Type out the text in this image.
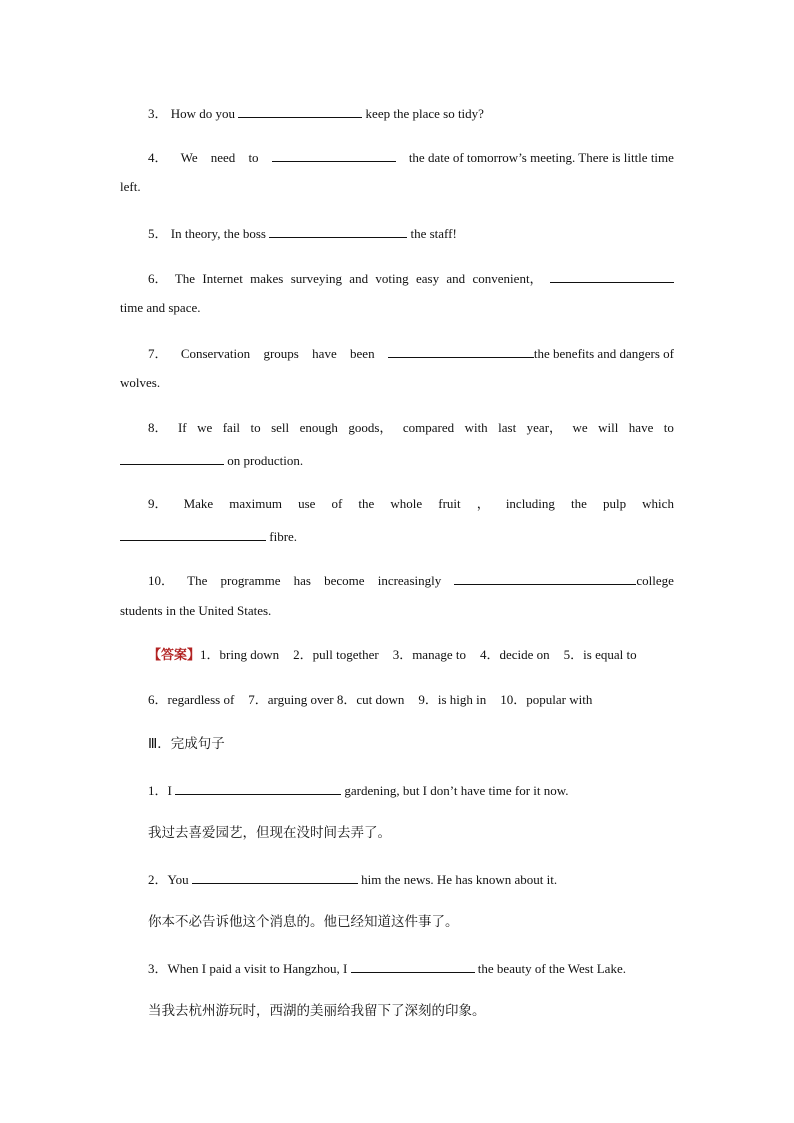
3． How do you	keep the place so tidy?
4． We need to	the date of tomorrow’s meeting. There is little time
left.
5． In theory, the boss	the staff!
6． The Internet makes surveying and voting easy and convenient，
time and space.
7． Conservation groups have been	the benefits and dangers of
wolves.
8． If we fail to sell enough goods， compared with last year， we will have to
on production.
9． Make maximum use of the whole fruit ， including the pulp which
fibre.
10． The programme has become increasingly	college
students in the United States.
【答案】1．bring down 2．pull together 3．manage to 4．decide on 5．is equal to
6．regardless of 7．arguing over 8．cut down 9．is high in 10．popular with
Ⅲ．完成句子
1．I	gardening, but I don’t have time for it now.
我过去喜爱园艺，但现在没时间去弄了。
2．You	him the news. He has known about it.
你本不必告诉他这个消息的。他已经知道这件事了。
3．When I paid a visit to Hangzhou, I	the beauty of the West Lake.
当我去杭州游玩时，西湖的美丽给我留下了深刻的印象。
